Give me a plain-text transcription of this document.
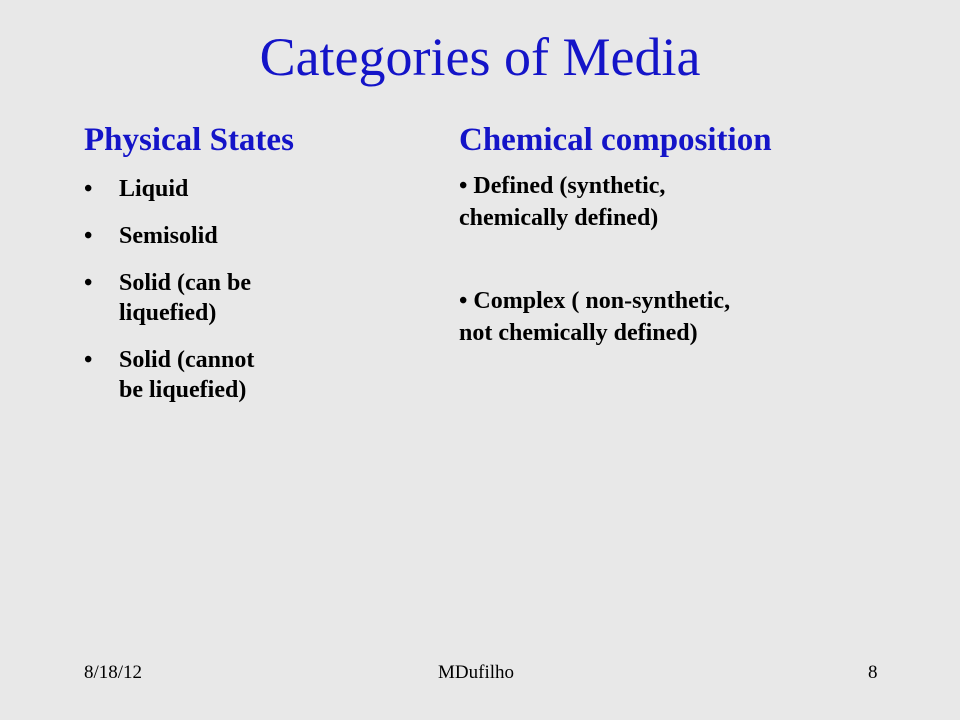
Categories of Media
Physical States	Chemical composition
• Liquid
• Semisolid
• Solid (can be
liquefied)
• Solid (cannot
be liquefied)
• Defined (synthetic,
chemically defined)
• Complex ( non-synthetic,
not chemically defined)
8/18/12	MDufilho	8
